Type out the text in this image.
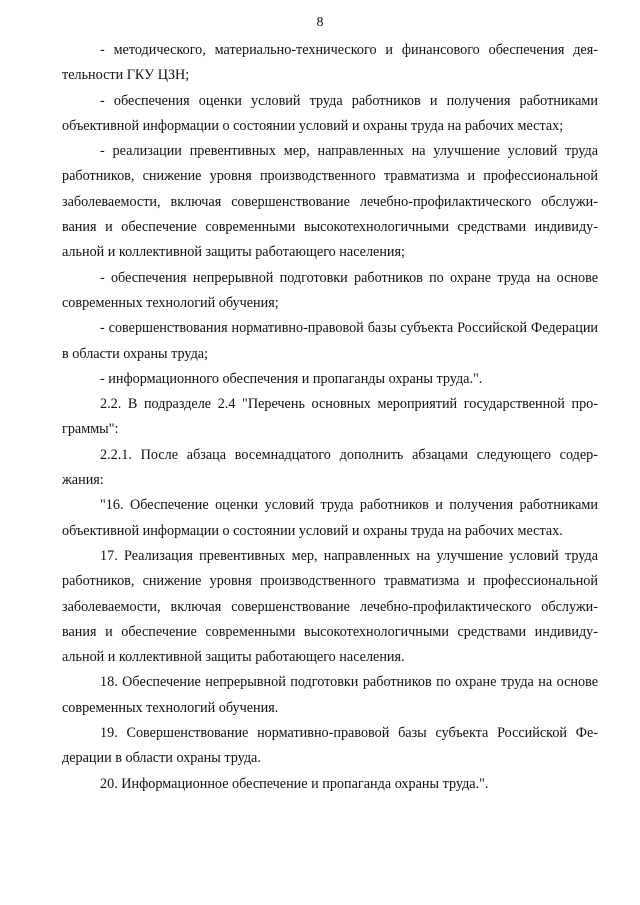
8

- методического, материально-технического и финансового обеспечения деятельности ГКУ ЦЗН;

- обеспечения оценки условий труда работников и получения работниками объективной информации о состоянии условий и охраны труда на рабочих местах;

- реализации превентивных мер, направленных на улучшение условий труда работников, снижение уровня производственного травматизма и профессиональной заболеваемости, включая совершенствование лечебно-профилактического обслуживания и обеспечение современными высокотехнологичными средствами индивидуальной и коллективной защиты работающего населения;

- обеспечения непрерывной подготовки работников по охране труда на основе современных технологий обучения;

- совершенствования нормативно-правовой базы субъекта Российской Федерации в области охраны труда;

- информационного обеспечения и пропаганды охраны труда.".

2.2. В подразделе 2.4 "Перечень основных мероприятий государственной программы":

2.2.1. После абзаца восемнадцатого дополнить абзацами следующего содержания:

"16. Обеспечение оценки условий труда работников и получения работниками объективной информации о состоянии условий и охраны труда на рабочих местах.

17. Реализация превентивных мер, направленных на улучшение условий труда работников, снижение уровня производственного травматизма и профессиональной заболеваемости, включая совершенствование лечебно-профилактического обслуживания и обеспечение современными высокотехнологичными средствами индивидуальной и коллективной защиты работающего населения.

18. Обеспечение непрерывной подготовки работников по охране труда на основе современных технологий обучения.

19. Совершенствование нормативно-правовой базы субъекта Российской Федерации в области охраны труда.

20. Информационное обеспечение и пропаганда охраны труда.".
